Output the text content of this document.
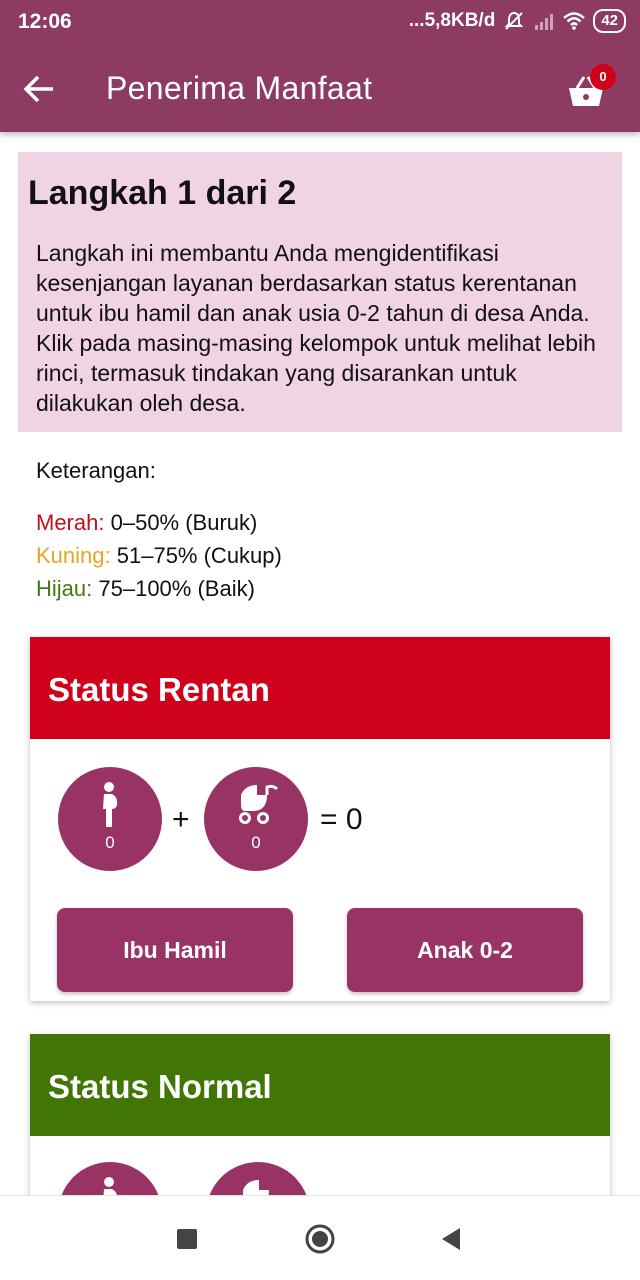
12:06	...5,8KB/d	42
Penerima Manfaat	0
Langkah 1 dari 2

Langkah ini membantu Anda mengidentifikasi kesenjangan layanan berdasarkan status kerentanan untuk ibu hamil dan anak usia 0-2 tahun di desa Anda. Klik pada masing-masing kelompok untuk melihat lebih rinci, termasuk tindakan yang disarankan untuk dilakukan oleh desa.

Keterangan:
Merah: 0–50% (Buruk)
Kuning: 51–75% (Cukup)
Hijau: 75–100% (Baik)
Status Rentan
0
+
0
= 0
Ibu Hamil	Anak 0-2
Status Normal
